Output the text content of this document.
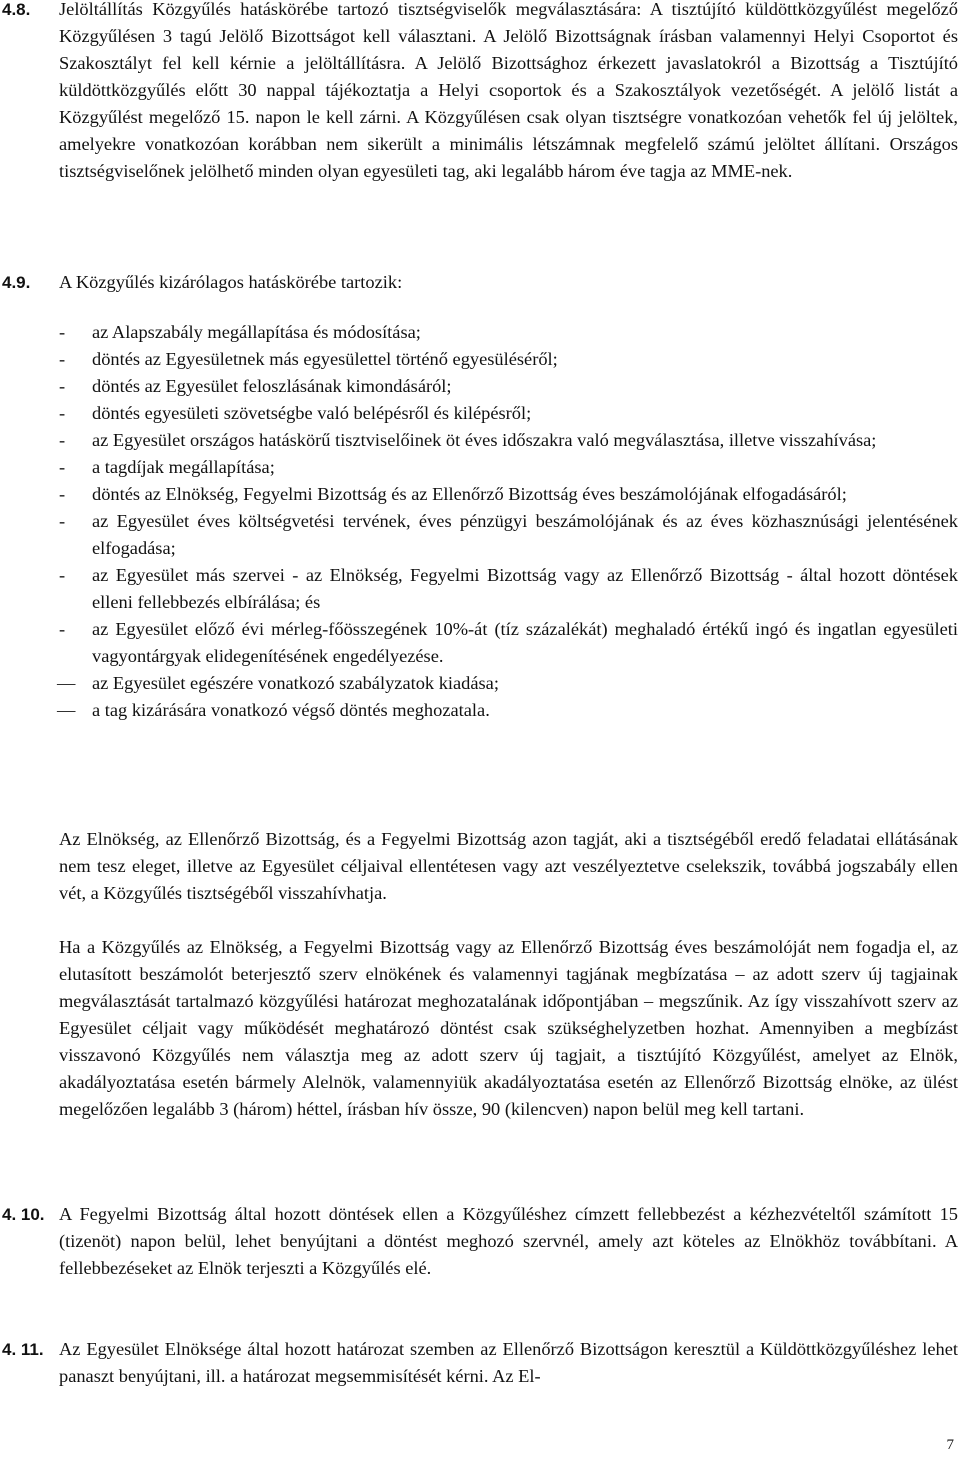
4.8. Jelöltállítás Közgyűlés hatáskörébe tartozó tisztségviselők megválasztására: A tisztújító küldöttközgyűlést megelőző Közgyűlésen 3 tagú Jelölő Bizottságot kell választani. A Jelölő Bizottságnak írásban valamennyi Helyi Csoportot és Szakosztályt fel kell kérnie a jelöltállításra. A Jelölő Bizottsághoz érkezett javaslatokról a Bizottság a Tisztújító küldöttközgyűlés előtt 30 nappal tájékoztatja a Helyi csoportok és a Szakosztályok vezetőségét. A jelölő listát a Közgyűlést megelőző 15. napon le kell zárni. A Közgyűlésen csak olyan tisztségre vonatkozóan vehetők fel új jelöltek, amelyekre vonatkozóan korábban nem sikerült a minimális létszámnak megfelelő számú jelöltet állítani. Országos tisztségviselőnek jelölhető minden olyan egyesületi tag, aki legalább három éve tagja az MME-nek.
4.9. A Közgyűlés kizárólagos hatáskörébe tartozik:
-	az Alapszabály megállapítása és módosítása;
-	döntés az Egyesületnek más egyesülettel történő egyesüléséről;
-	döntés az Egyesület feloszlásának kimondásáról;
-	döntés egyesületi szövetségbe való belépésről és kilépésről;
-	az Egyesület országos hatáskörű tisztviselőinek öt éves időszakra való megválasztása, illetve visszahívása;
-	a tagdíjak megállapítása;
-	döntés az Elnökség, Fegyelmi Bizottság és az Ellenőrző Bizottság éves beszámolójának elfogadásáról;
-	az Egyesület éves költségvetési tervének, éves pénzügyi beszámolójának és az éves közhasznúsági jelentésének elfogadása;
-	az Egyesület más szervei - az Elnökség, Fegyelmi Bizottság vagy az Ellenőrző Bizottság - által hozott döntések elleni fellebbezés elbírálása; és
-	az Egyesület előző évi mérleg-főösszegének 10%-át (tíz százalékát) meghaladó értékű ingó és ingatlan egyesületi vagyontárgyak elidegenítésének engedélyezése.
— az Egyesület egészére vonatkozó szabályzatok kiadása;
— a tag kizárására vonatkozó végső döntés meghozatala.
Az Elnökség, az Ellenőrző Bizottság, és a Fegyelmi Bizottság azon tagját, aki a tisztségéből eredő feladatai ellátásának nem tesz eleget, illetve az Egyesület céljaival ellentétesen vagy azt veszélyeztetve cselekszik, továbbá jogszabály ellen vét, a Közgyűlés tisztségéből visszahívhatja.
Ha a Közgyűlés az Elnökség, a Fegyelmi Bizottság vagy az Ellenőrző Bizottság éves beszámolóját nem fogadja el, az elutasított beszámolót beterjesztő szerv elnökének és valamennyi tagjának megbízatása – az adott szerv új tagjainak megválasztását tartalmazó közgyűlési határozat meghozatalának időpontjában – megszűnik. Az így visszahívott szerv az Egyesület céljait vagy működését meghatározó döntést csak szükséghelyzetben hozhat. Amennyiben a megbízást visszavonó Közgyűlés nem választja meg az adott szerv új tagjait, a tisztújító Közgyűlést, amelyet az Elnök, akadályoztatása esetén bármely Alelnök, valamennyiük akadályoztatása esetén az Ellenőrző Bizottság elnöke, az ülést megelőzően legalább 3 (három) héttel, írásban hív össze, 90 (kilencven) napon belül meg kell tartani.
4. 10. A Fegyelmi Bizottság által hozott döntések ellen a Közgyűléshez címzett fellebbezést a kézhezvételtől számított 15 (tizenöt) napon belül, lehet benyújtani a döntést meghozó szervnél, amely azt köteles az Elnökhöz továbbítani. A fellebbezéseket az Elnök terjeszti a Közgyűlés elé.
4. 11. Az Egyesület Elnöksége által hozott határozat szemben az Ellenőrző Bizottságon keresztül a Küldöttközgyűléshez lehet panaszt benyújtani, ill. a határozat megsemmisítését kérni. Az El-
7
